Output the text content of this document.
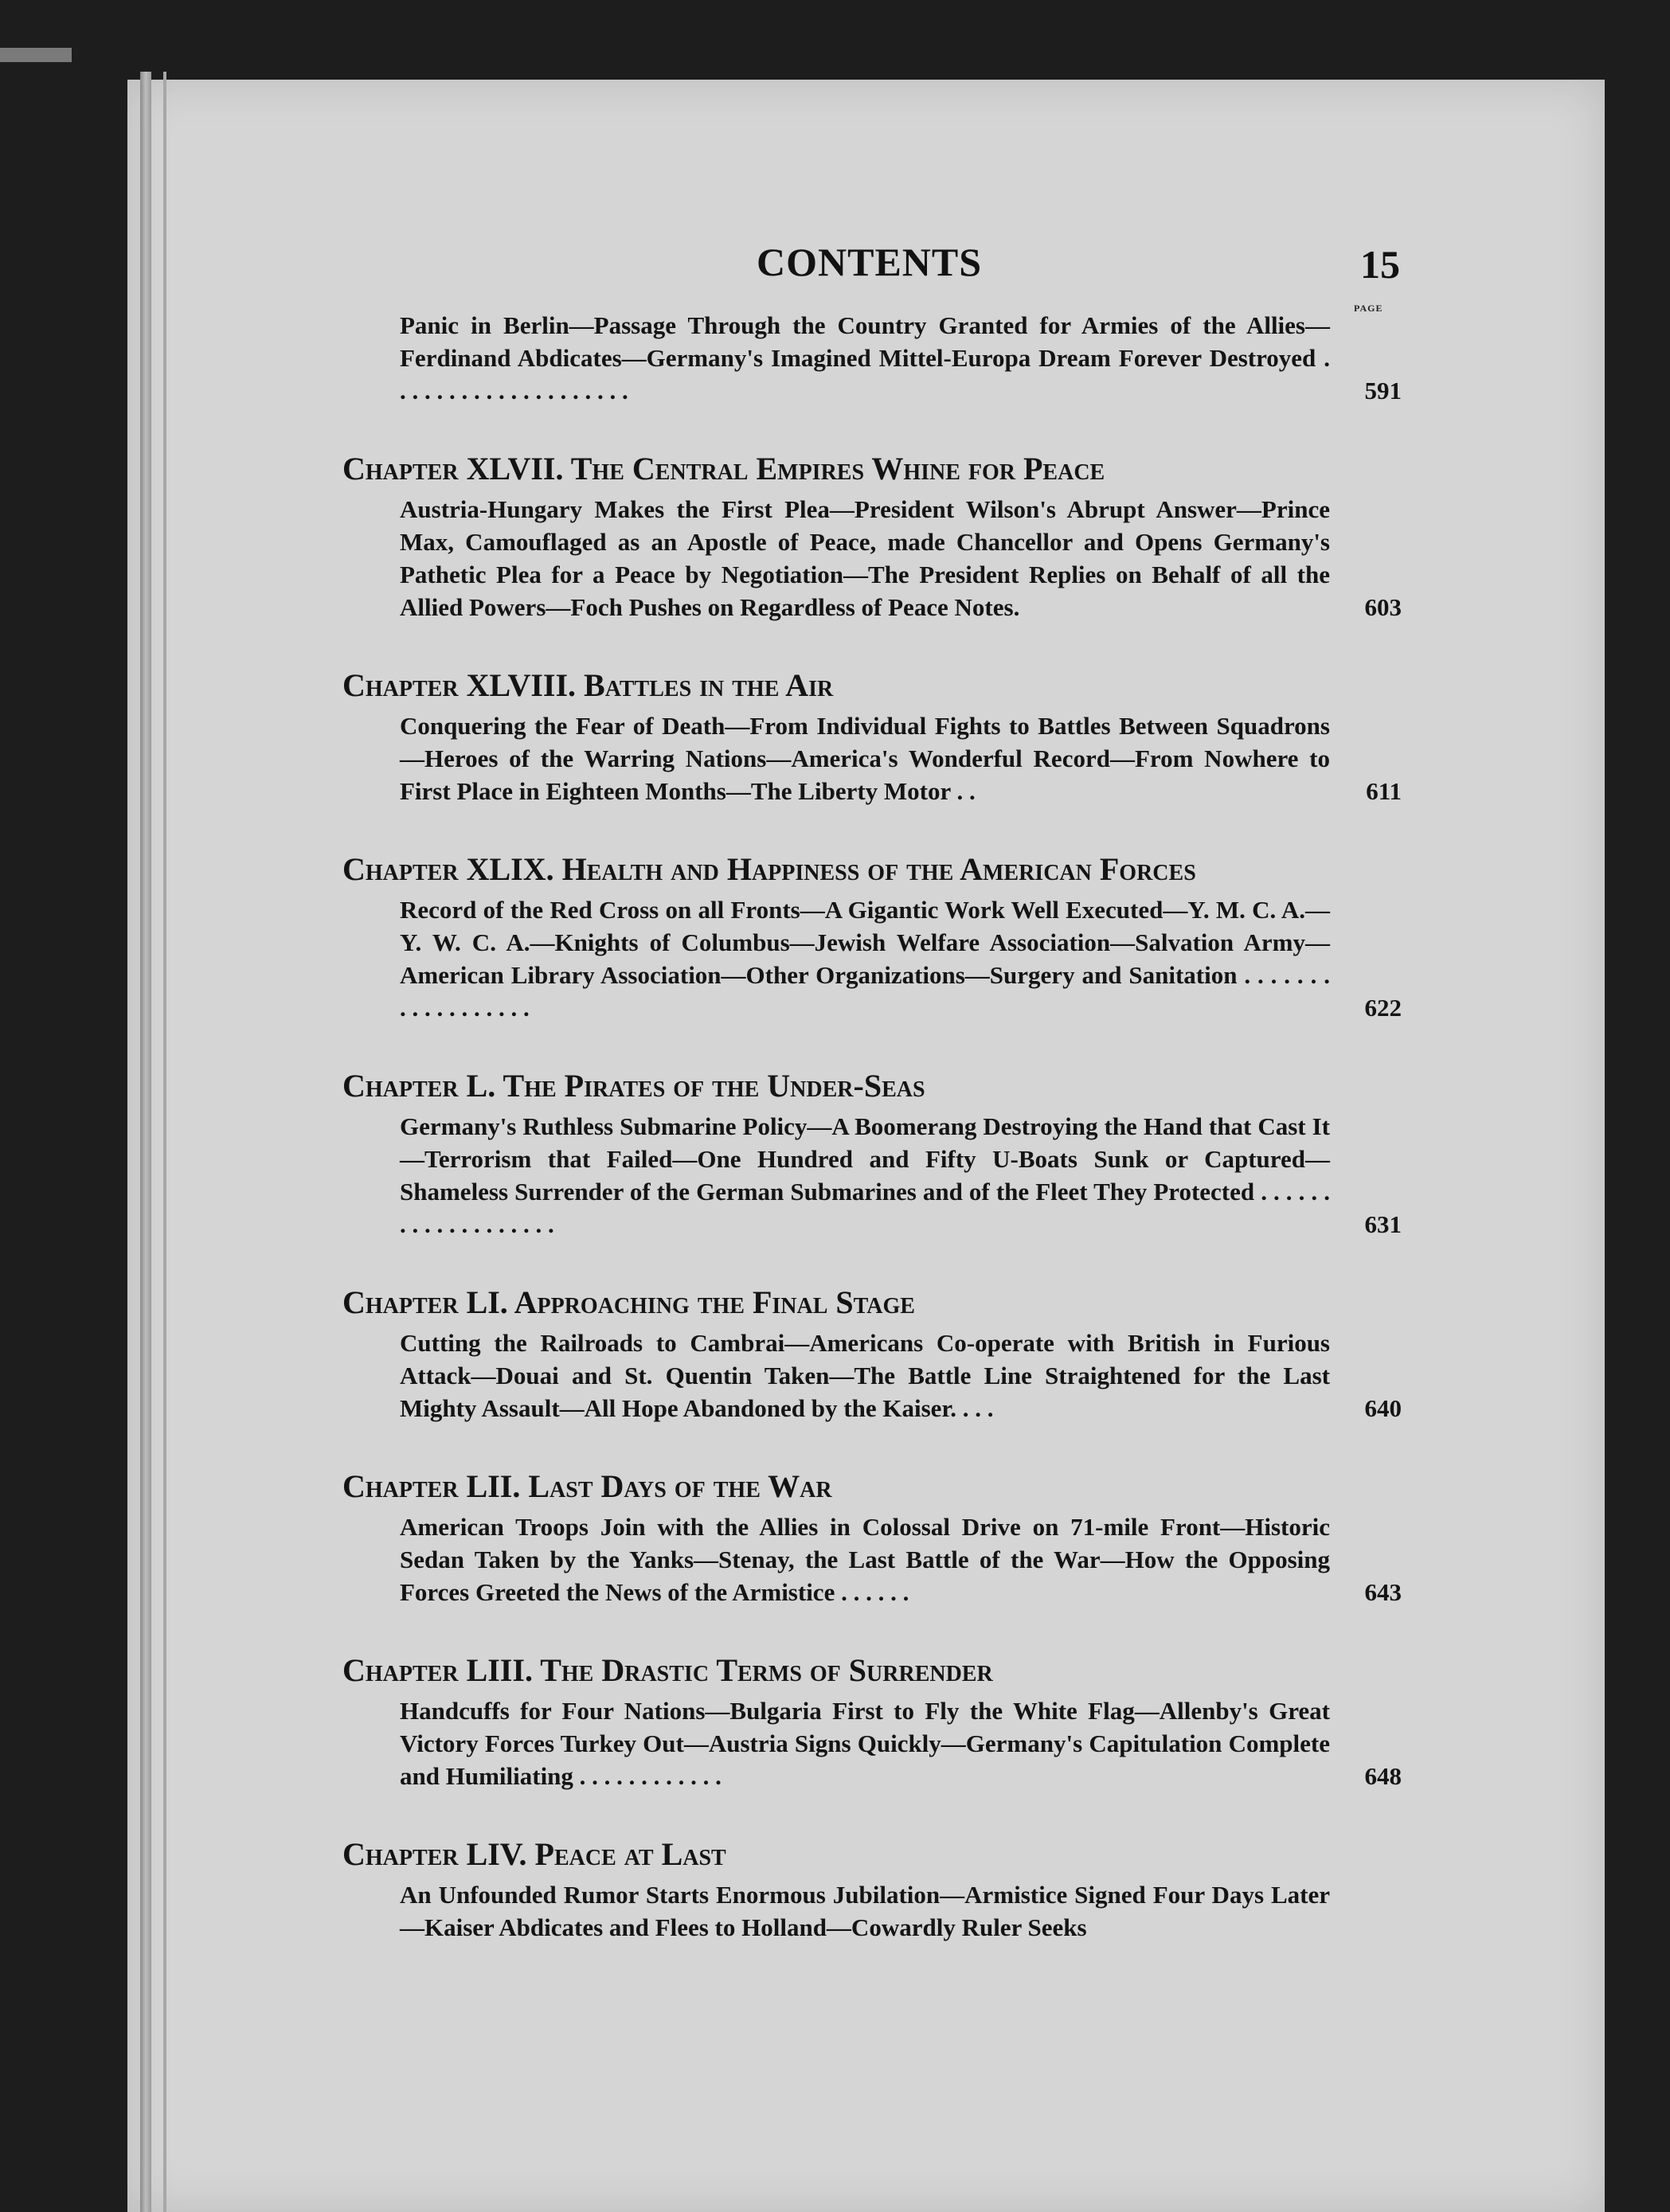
CONTENTS	15
PAGE
Panic in Berlin—Passage Through the Country Granted for Armies of the Allies—Ferdinand Abdicates—Germany's Imagined Mittel-Europa Dream Forever Destroyed . . . . . . . . . . . . . . . . . . . .	591
Chapter XLVII. The Central Empires Whine for Peace
Austria-Hungary Makes the First Plea—President Wilson's Abrupt Answer—Prince Max, Camouflaged as an Apostle of Peace, made Chancellor and Opens Germany's Pathetic Plea for a Peace by Negotiation—The President Replies on Behalf of all the Allied Powers—Foch Pushes on Regardless of Peace Notes.	603
Chapter XLVIII. Battles in the Air
Conquering the Fear of Death—From Individual Fights to Battles Between Squadrons—Heroes of the Warring Nations—America's Wonderful Record—From Nowhere to First Place in Eighteen Months—The Liberty Motor . .	611
Chapter XLIX. Health and Happiness of the American Forces
Record of the Red Cross on all Fronts—A Gigantic Work Well Executed—Y. M. C. A.—Y. W. C. A.—Knights of Columbus—Jewish Welfare Association—Salvation Army—American Library Association—Other Organizations—Surgery and Sanitation . . . . . . . . . . . . . . . . . .	622
Chapter L. The Pirates of the Under-Seas
Germany's Ruthless Submarine Policy—A Boomerang Destroying the Hand that Cast It—Terrorism that Failed—One Hundred and Fifty U-Boats Sunk or Captured—Shameless Surrender of the German Submarines and of the Fleet They Protected . . . . . . . . . . . . . . . . . . .	631
Chapter LI. Approaching the Final Stage
Cutting the Railroads to Cambrai—Americans Co-operate with British in Furious Attack—Douai and St. Quentin Taken—The Battle Line Straightened for the Last Mighty Assault—All Hope Abandoned by the Kaiser. . . .	640
Chapter LII. Last Days of the War
American Troops Join with the Allies in Colossal Drive on 71-mile Front—Historic Sedan Taken by the Yanks—Stenay, the Last Battle of the War—How the Opposing Forces Greeted the News of the Armistice . . . . . .	643
Chapter LIII. The Drastic Terms of Surrender
Handcuffs for Four Nations—Bulgaria First to Fly the White Flag—Allenby's Great Victory Forces Turkey Out—Austria Signs Quickly—Germany's Capitulation Complete and Humiliating . . . . . . . . . . . .	648
Chapter LIV. Peace at Last
An Unfounded Rumor Starts Enormous Jubilation—Armistice Signed Four Days Later—Kaiser Abdicates and Flees to Holland—Cowardly Ruler Seeks
